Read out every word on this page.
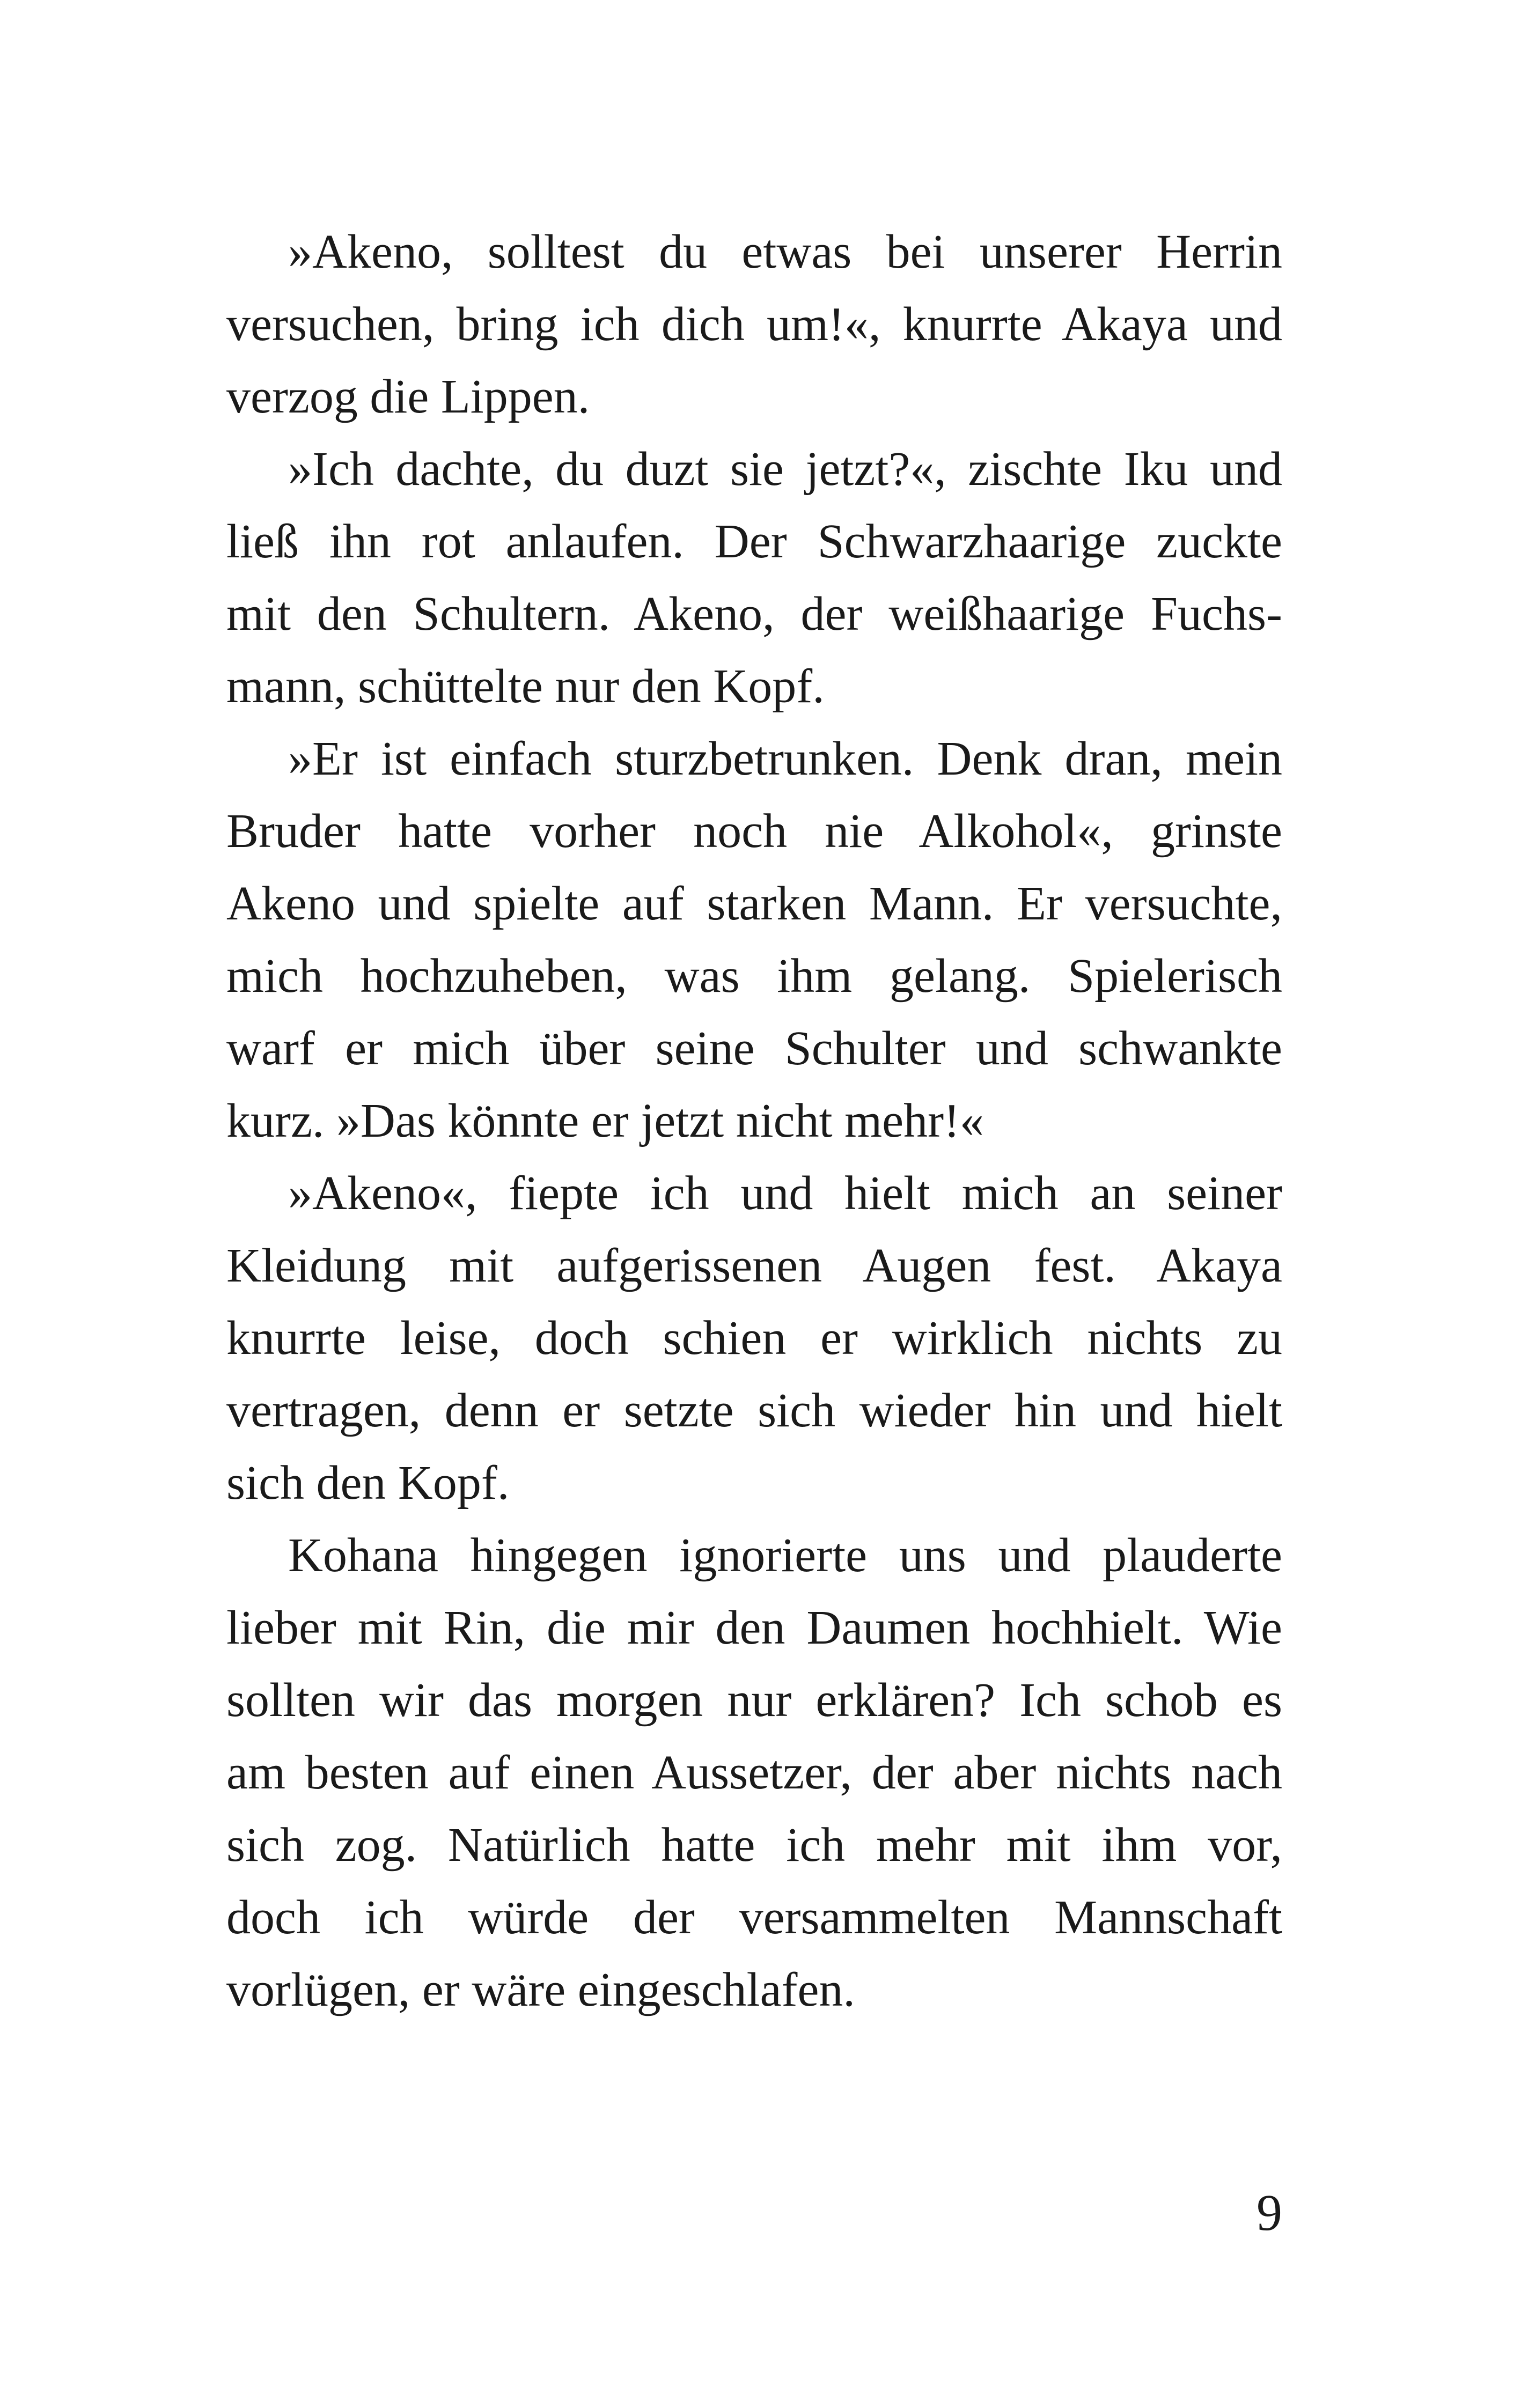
»Akeno, solltest du etwas bei unserer Herrin
versuchen, bring ich dich um!«, knurrte Akaya und
verzog die Lippen.
»Ich dachte, du duzt sie jetzt?«, zischte Iku und
ließ ihn rot anlaufen. Der Schwarzhaarige zuckte
mit den Schultern. Akeno, der weißhaarige Fuchs-
mann, schüttelte nur den Kopf.
»Er ist einfach sturzbetrunken. Denk dran, mein
Bruder hatte vorher noch nie Alkohol«, grinste
Akeno und spielte auf starken Mann. Er versuchte,
mich hochzuheben, was ihm gelang. Spielerisch
warf er mich über seine Schulter und schwankte
kurz. »Das könnte er jetzt nicht mehr!«
»Akeno«, fiepte ich und hielt mich an seiner
Kleidung mit aufgerissenen Augen fest. Akaya
knurrte leise, doch schien er wirklich nichts zu
vertragen, denn er setzte sich wieder hin und hielt
sich den Kopf.
Kohana hingegen ignorierte uns und plauderte
lieber mit Rin, die mir den Daumen hochhielt. Wie
sollten wir das morgen nur erklären? Ich schob es
am besten auf einen Aussetzer, der aber nichts nach
sich zog. Natürlich hatte ich mehr mit ihm vor,
doch ich würde der versammelten Mannschaft
vorlügen, er wäre eingeschlafen.
9
